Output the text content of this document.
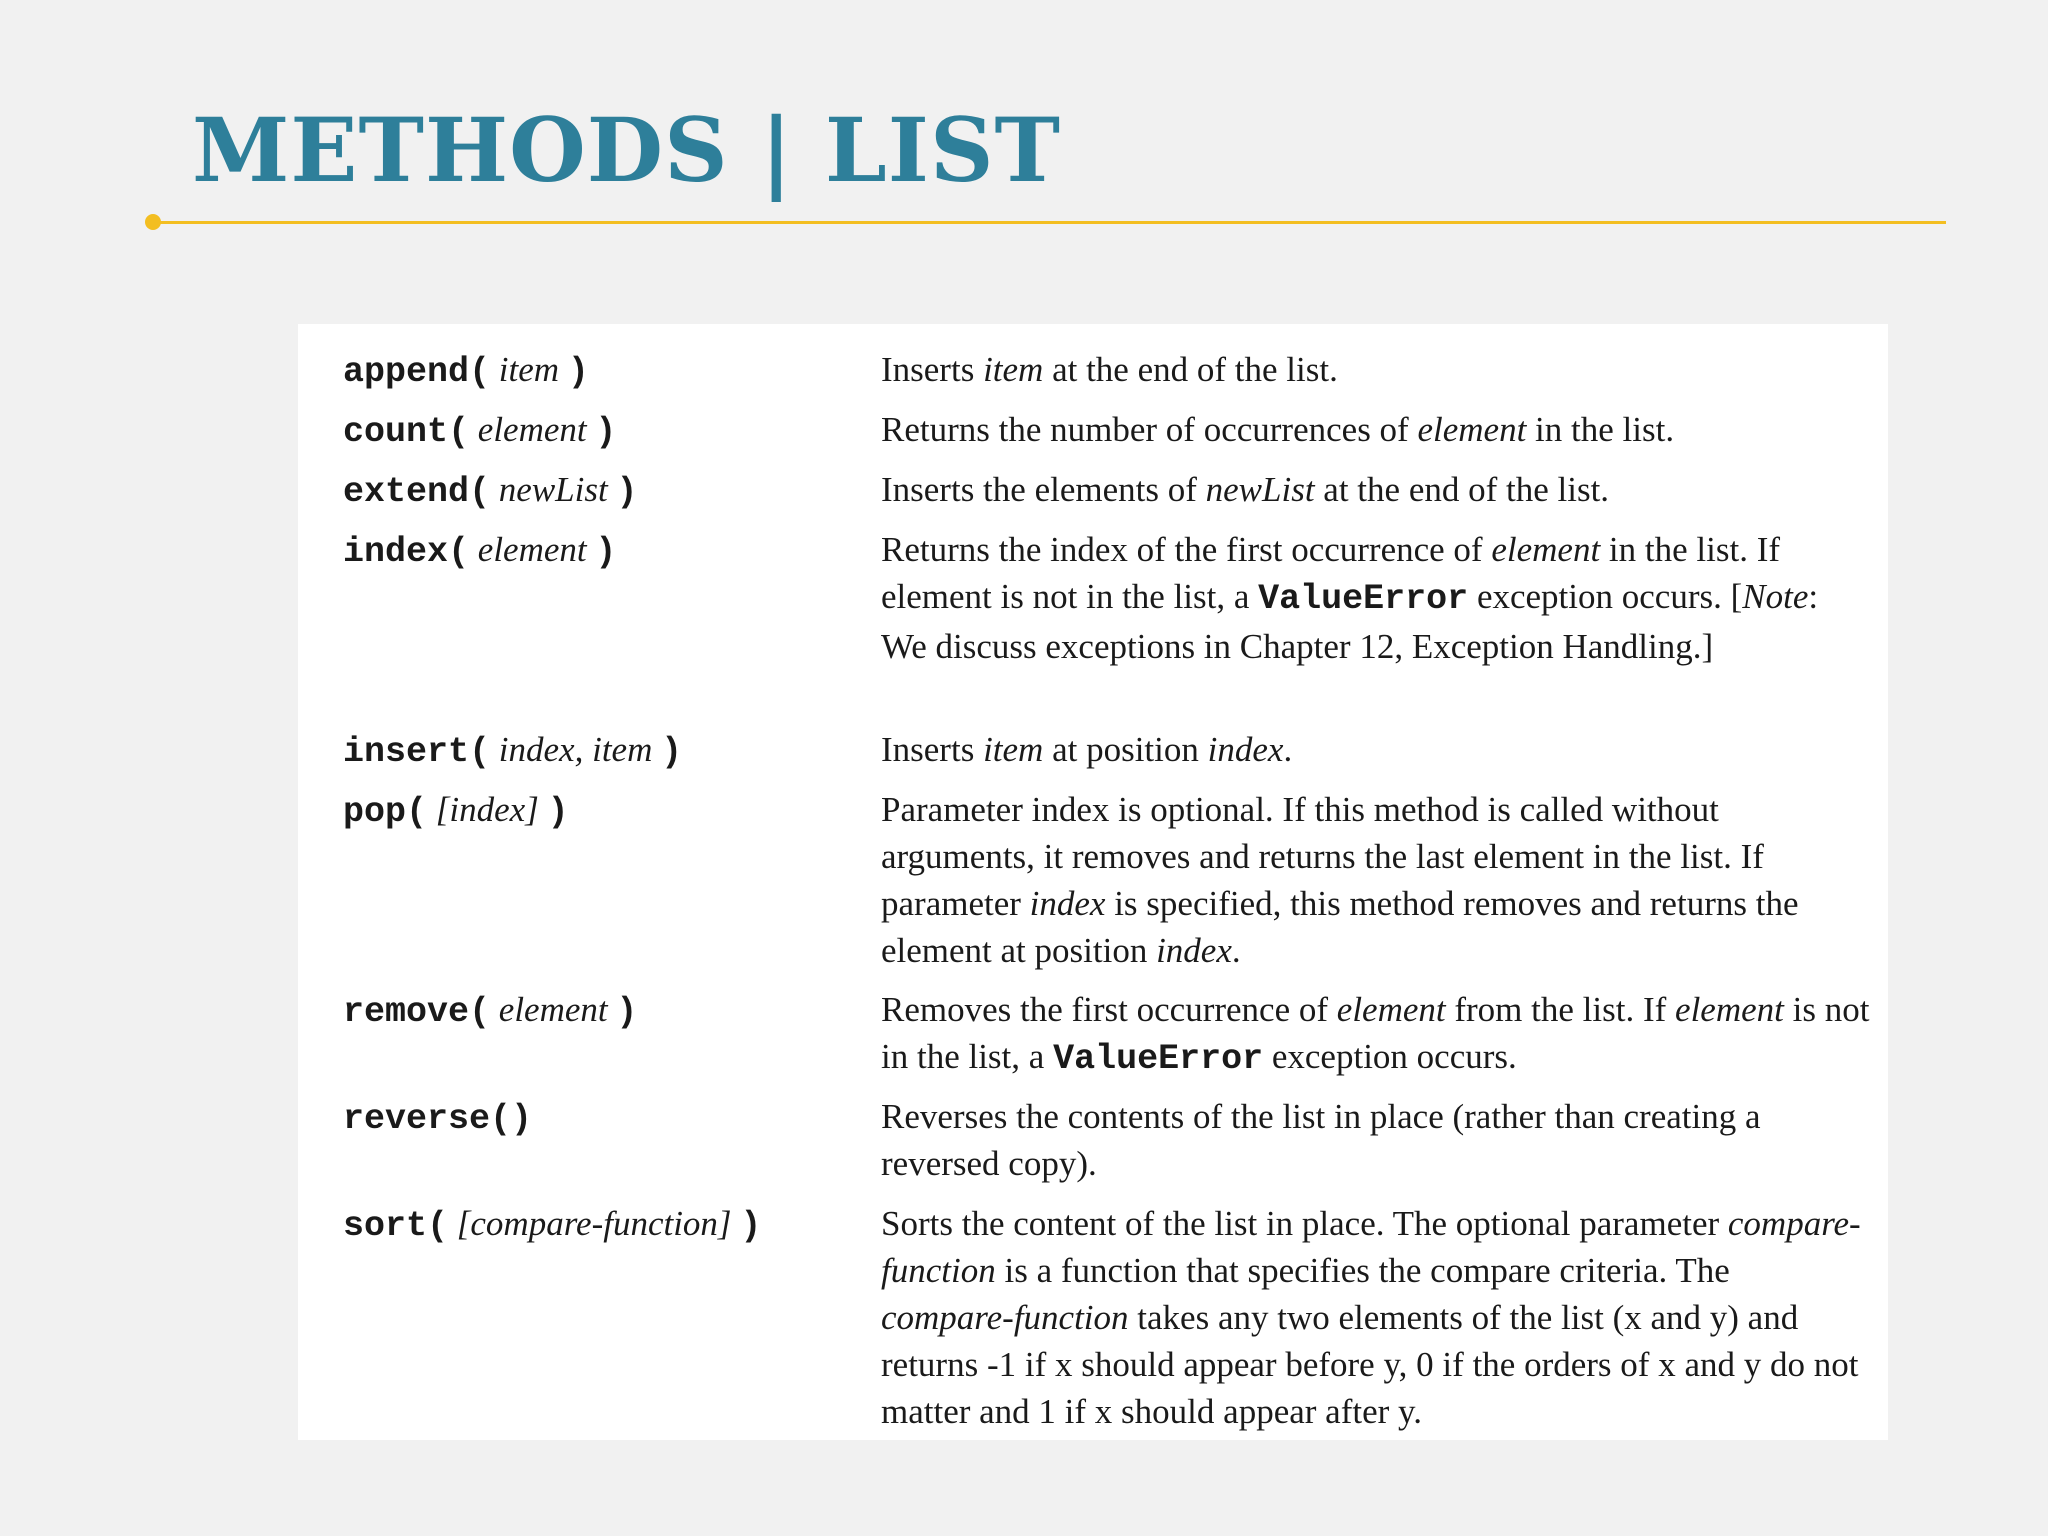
METHODS | LIST
append( item )	Inserts item at the end of the list.
count( element )	Returns the number of occurrences of element in the list.
extend( newList )	Inserts the elements of newList at the end of the list.
index( element )	Returns the index of the first occurrence of element in the list. If element is not in the list, a ValueError exception occurs. [Note: We discuss exceptions in Chapter 12, Exception Handling.]
insert( index, item )	Inserts item at position index.
pop( [index] )	Parameter index is optional. If this method is called without arguments, it removes and returns the last element in the list. If parameter index is specified, this method removes and returns the element at position index.
remove( element )	Removes the first occurrence of element from the list. If element is not in the list, a ValueError exception occurs.
reverse()	Reverses the contents of the list in place (rather than creating a reversed copy).
sort( [compare-function] )	Sorts the content of the list in place. The optional parameter compare-function is a function that specifies the compare criteria. The compare-function takes any two elements of the list (x and y) and returns -1 if x should appear before y, 0 if the orders of x and y do not matter and 1 if x should appear after y.
